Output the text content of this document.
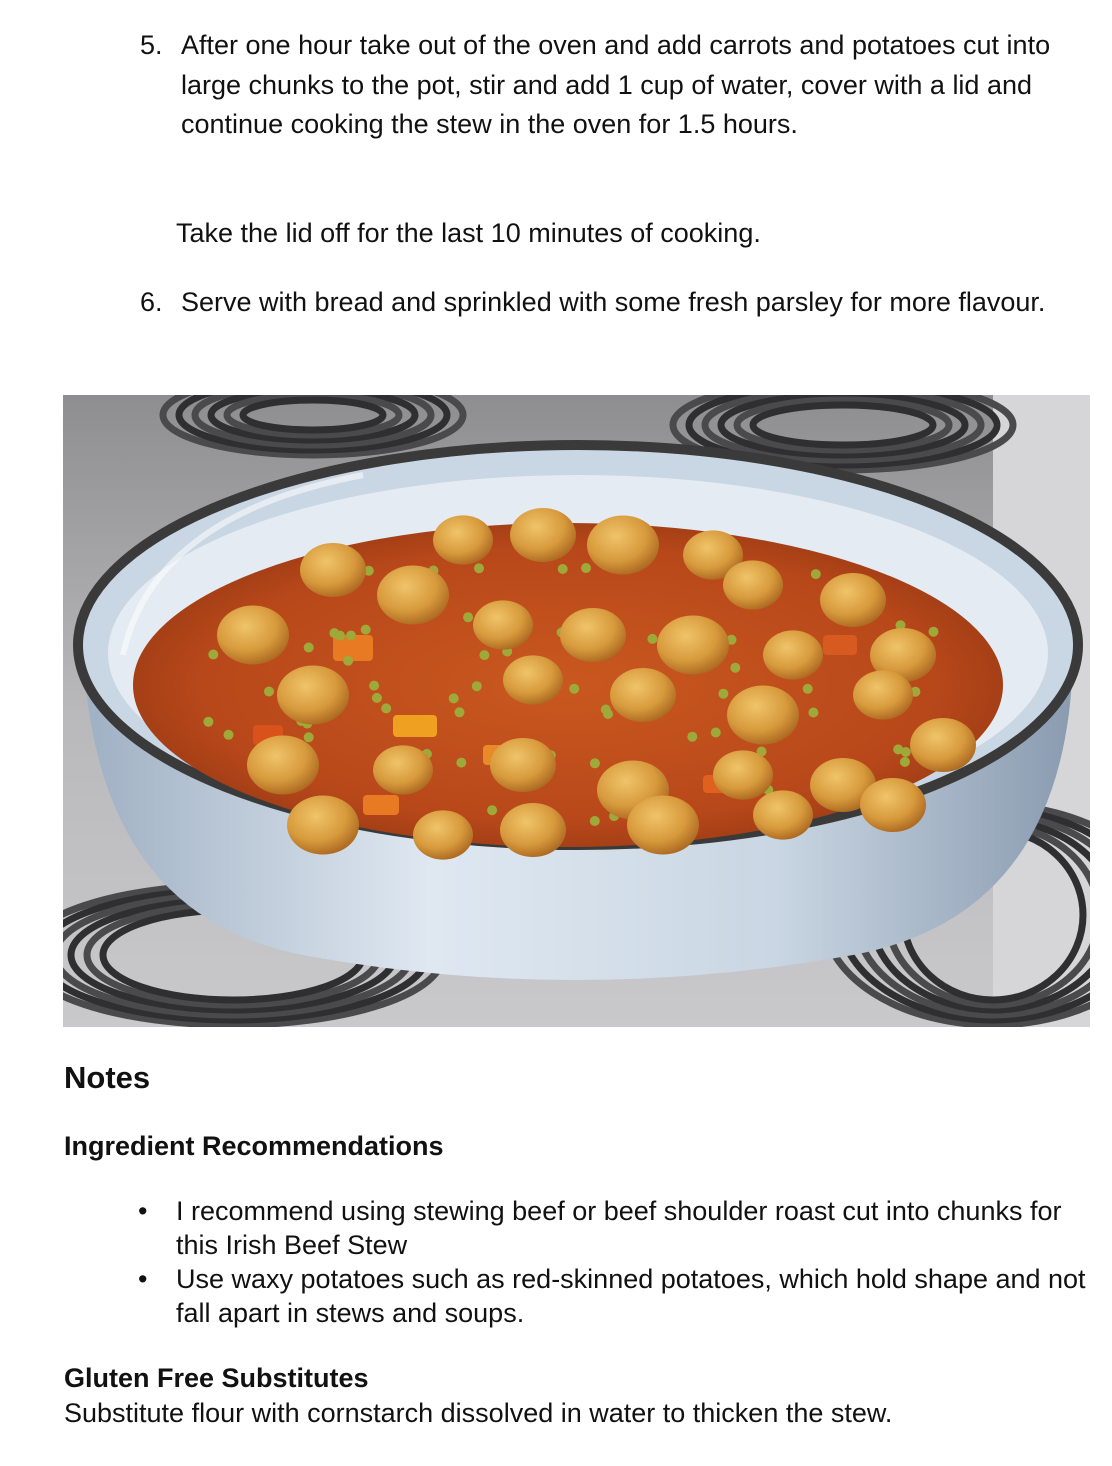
5. After one hour take out of the oven and add carrots and potatoes cut into large chunks to the pot, stir and add 1 cup of water, cover with a lid and continue cooking the stew in the oven for 1.5 hours.
Take the lid off for the last 10 minutes of cooking.
6. Serve with bread and sprinkled with some fresh parsley for more flavour.
Notes
Ingredient Recommendations
• I recommend using stewing beef or beef shoulder roast cut into chunks for this Irish Beef Stew
• Use waxy potatoes such as red-skinned potatoes, which hold shape and not fall apart in stews and soups.
Gluten Free Substitutes
Substitute flour with cornstarch dissolved in water to thicken the stew.
